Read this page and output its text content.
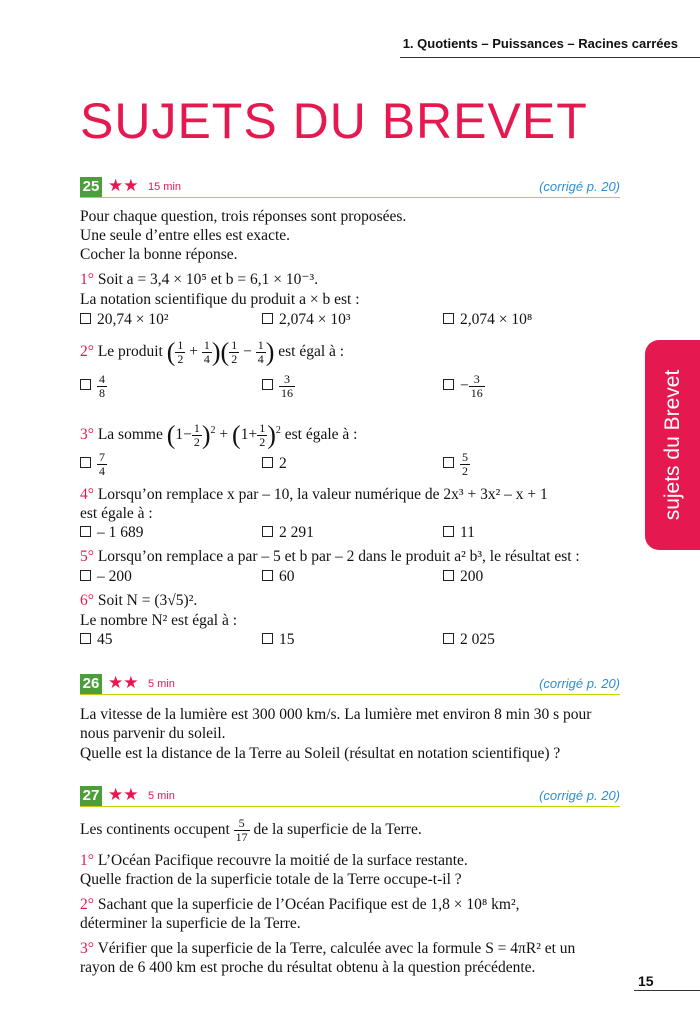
1. Quotients – Puissances – Racines carrées
SUJETS DU BREVET
25 ★★ 15 min	(corrigé p. 20)
Pour chaque question, trois réponses sont proposées.
Une seule d’entre elles est exacte.
Cocher la bonne réponse.
1° Soit a = 3,4 × 10⁵ et b = 6,1 × 10⁻³.
La notation scientifique du produit a × b est :
20,74 × 10²	2,074 × 10³	2,074 × 10⁸
2° Le produit ( $\frac{1}{2} + \frac{1}{4}$ )( $\frac{1}{2} - \frac{1}{4}$ ) est égal à :
$\frac{4}{8}$	$\frac{3}{16}$	− $\frac{3}{16}$
3° La somme $(1- \frac{1}{2} )^2 + (1+ \frac{1}{2} )^2$ est égale à :
$\frac{7}{4}$	2	$\frac{5}{2}$
4° Lorsqu’on remplace x par – 10, la valeur numérique de 2x³ + 3x² – x + 1
est égale à :
– 1 689	2 291	11
5° Lorsqu’on remplace a par – 5 et b par – 2 dans le produit a² b³, le résultat est :
– 200	60	200
6° Soit N = (3√5)².
Le nombre N² est égal à :
45	15	2 025
26 ★★ 5 min	(corrigé p. 20)
La vitesse de la lumière est 300 000 km/s. La lumière met environ 8 min 30 s pour
nous parvenir du soleil.
Quelle est la distance de la Terre au Soleil (résultat en notation scientifique) ?
27 ★★ 5 min	(corrigé p. 20)
Les continents occupent $\frac{5}{17}$ de la superficie de la Terre.
1° L’Océan Pacifique recouvre la moitié de la surface restante.
Quelle fraction de la superficie totale de la Terre occupe-t-il ?
2° Sachant que la superficie de l’Océan Pacifique est de 1,8 × 10⁸ km²,
déterminer la superficie de la Terre.
3° Vérifier que la superficie de la Terre, calculée avec la formule S = 4πR² et un
rayon de 6 400 km est proche du résultat obtenu à la question précédente.
sujets du Brevet
15
